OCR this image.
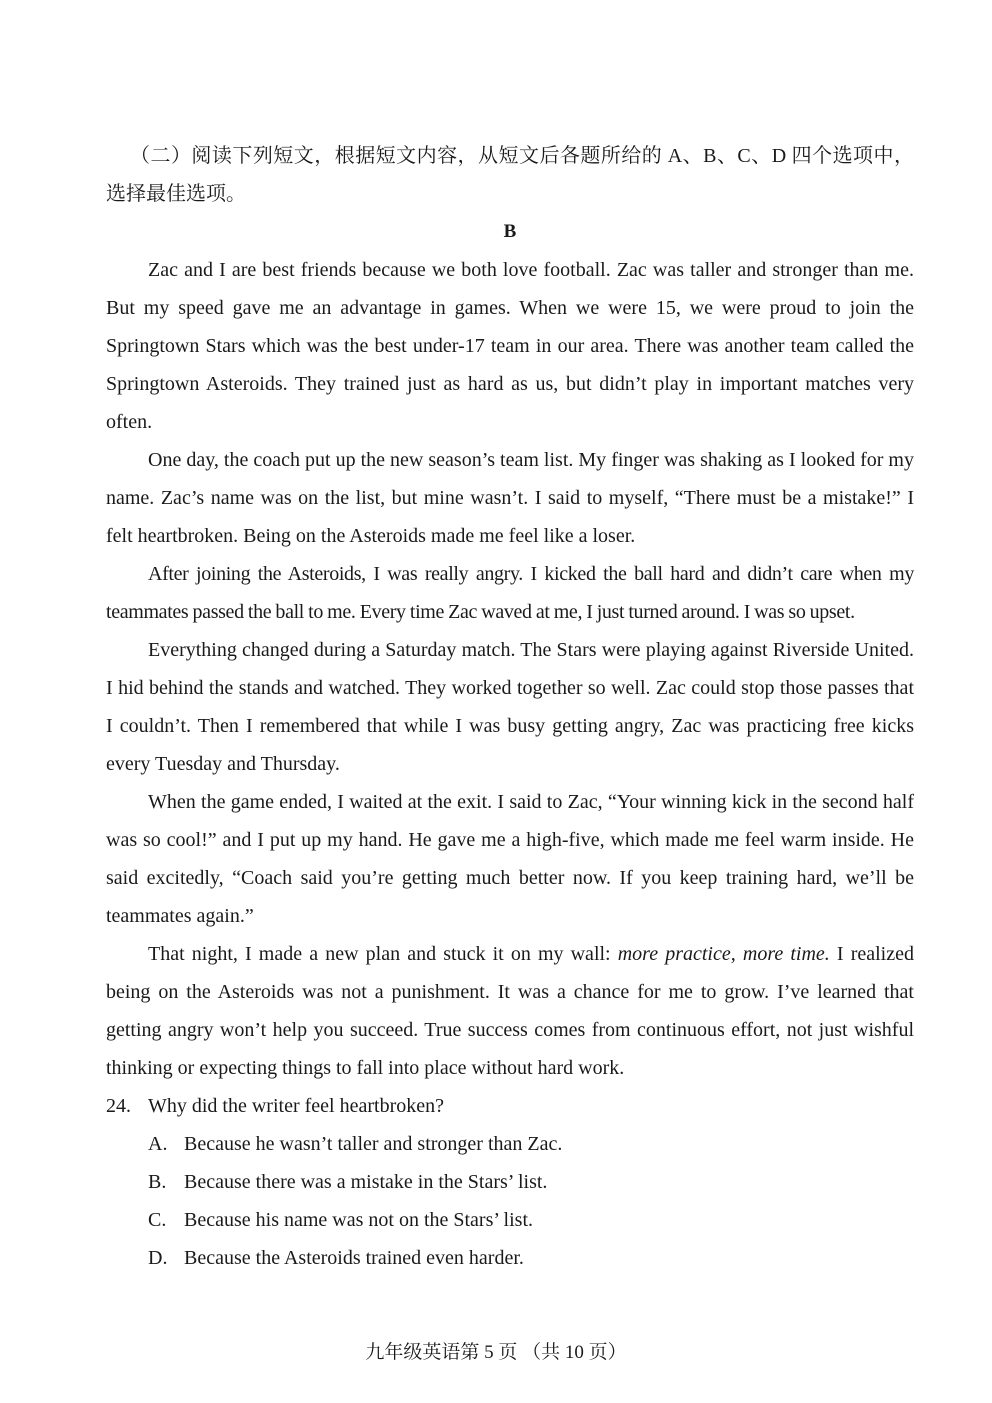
（二）阅读下列短文，根据短文内容，从短文后各题所给的 A、B、C、D 四个选项中，选择最佳选项。

B

Zac and I are best friends because we both love football. Zac was taller and stronger than me. But my speed gave me an advantage in games. When we were 15, we were proud to join the Springtown Stars which was the best under-17 team in our area. There was another team called the Springtown Asteroids. They trained just as hard as us, but didn’t play in important matches very often.

One day, the coach put up the new season’s team list. My finger was shaking as I looked for my name. Zac’s name was on the list, but mine wasn’t. I said to myself, “There must be a mistake!” I felt heartbroken. Being on the Asteroids made me feel like a loser.

After joining the Asteroids, I was really angry. I kicked the ball hard and didn’t care when my teammates passed the ball to me. Every time Zac waved at me, I just turned around. I was so upset.

Everything changed during a Saturday match. The Stars were playing against Riverside United. I hid behind the stands and watched. They worked together so well. Zac could stop those passes that I couldn’t. Then I remembered that while I was busy getting angry, Zac was practicing free kicks every Tuesday and Thursday.

When the game ended, I waited at the exit. I said to Zac, “Your winning kick in the second half was so cool!” and I put up my hand. He gave me a high-five, which made me feel warm inside. He said excitedly, “Coach said you’re getting much better now. If you keep training hard, we’ll be teammates again.”

That night, I made a new plan and stuck it on my wall: more practice, more time. I realized being on the Asteroids was not a punishment. It was a chance for me to grow. I’ve learned that getting angry won’t help you succeed. True success comes from continuous effort, not just wishful thinking or expecting things to fall into place without hard work.

24. Why did the writer feel heartbroken?

A. Because he wasn’t taller and stronger than Zac.

B. Because there was a mistake in the Stars’ list.

C. Because his name was not on the Stars’ list.

D. Because the Asteroids trained even harder.

九年级英语第 5 页 （共 10 页）
